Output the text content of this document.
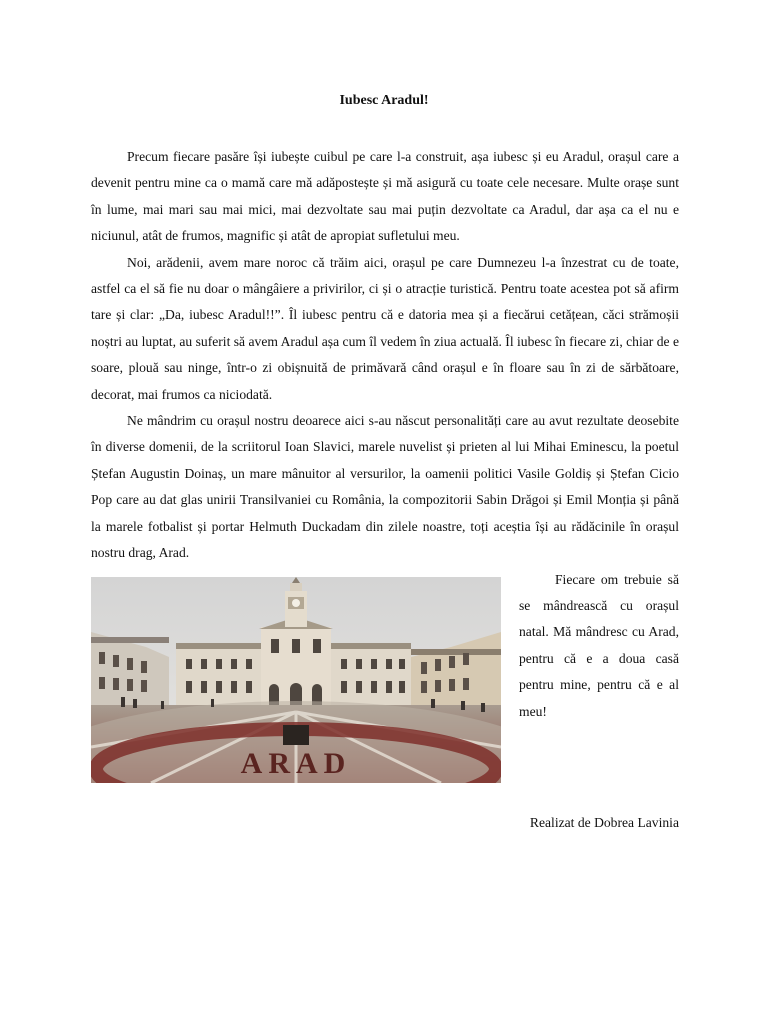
Iubesc Aradul!

Precum fiecare pasăre își iubește cuibul pe care l-a construit, așa iubesc și eu Aradul, orașul care a devenit pentru mine ca o mamă care mă adăpostește și mă asigură cu toate cele necesare. Multe orașe sunt în lume, mai mari sau mai mici, mai dezvoltate sau mai puțin dezvoltate ca Aradul, dar așa ca el nu e niciunul, atât de frumos, magnific și atât de apropiat sufletului meu.

Noi, arădenii, avem mare noroc că trăim aici, orașul pe care Dumnezeu l-a înzestrat cu de toate, astfel ca el să fie nu doar o mângâiere a privirilor, ci și o atracție turistică. Pentru toate acestea pot să afirm tare și clar: „Da, iubesc Aradul!!”. Îl iubesc pentru că e datoria mea și a fiecărui cetățean, căci strămoșii noștri au luptat, au suferit să avem Aradul așa cum îl vedem în ziua actuală. Îl iubesc în fiecare zi, chiar de e soare, plouă sau ninge, într-o zi obișnuită de primăvară când orașul e în floare sau în zi de sărbătoare, decorat, mai frumos ca niciodată.

Ne mândrim cu orașul nostru deoarece aici s-au născut personalități care au avut rezultate deosebite în diverse domenii, de la scriitorul Ioan Slavici, marele nuvelist și prieten al lui Mihai Eminescu, la poetul Ștefan Augustin Doinaș, un mare mânuitor al versurilor, la oamenii politici Vasile Goldiș și Ștefan Cicio Pop care au dat glas unirii Transilvaniei cu România, la compozitorii Sabin Drăgoi și Emil Monția și până la marele fotbalist și portar Helmuth Duckadam din zilele noastre, toți aceștia își au rădăcinile în orașul nostru drag, Arad.

ARAD

Fiecare om trebuie să se mândrească cu orașul natal. Mă mândresc cu Arad, pentru că e a doua casă pentru mine, pentru că e al meu!

Realizat de Dobrea Lavinia
